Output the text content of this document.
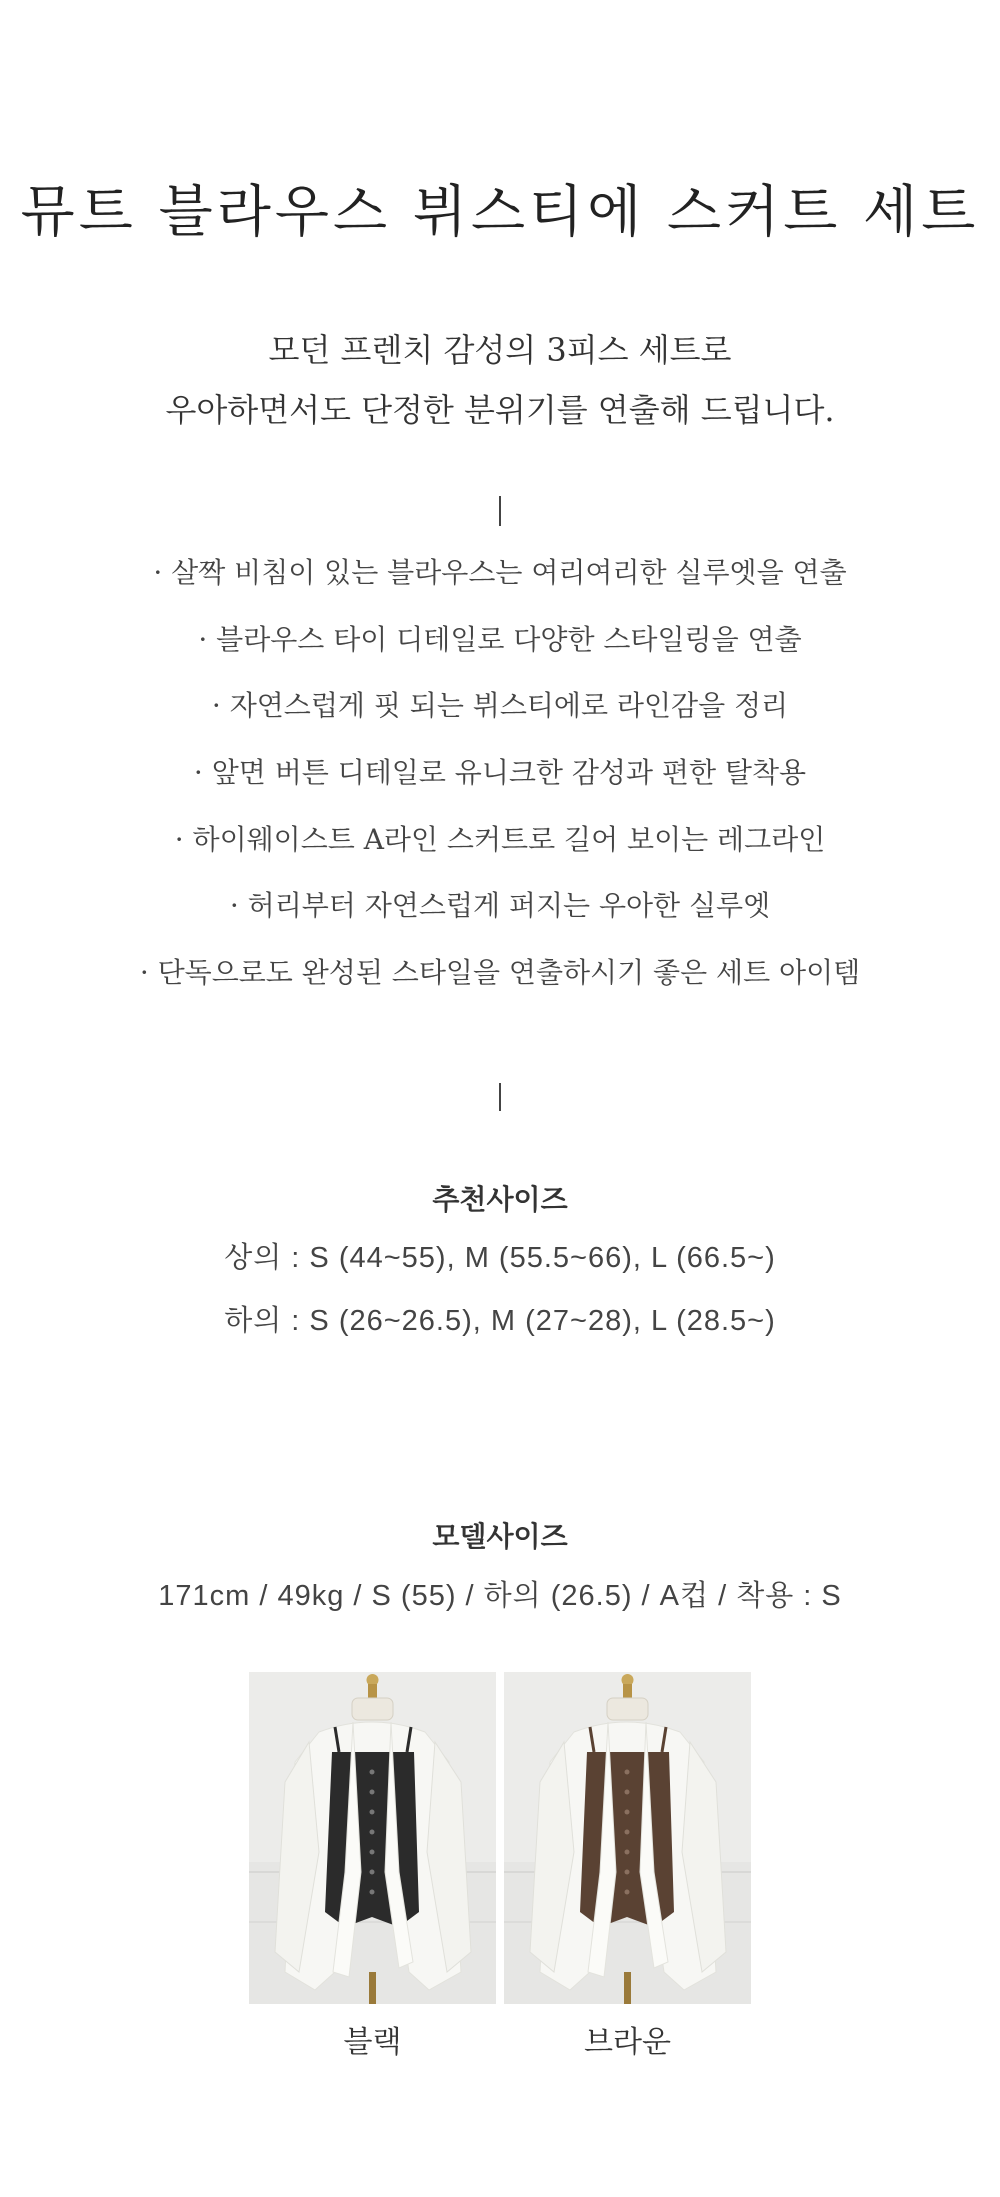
뮤트 블라우스 뷔스티에 스커트 세트
모던 프렌치 감성의 3피스 세트로
우아하면서도 단정한 분위기를 연출해 드립니다.
· 살짝 비침이 있는 블라우스는 여리여리한 실루엣을 연출
· 블라우스 타이 디테일로 다양한 스타일링을 연출
· 자연스럽게 핏 되는 뷔스티에로 라인감을 정리
· 앞면 버튼 디테일로 유니크한 감성과 편한 탈착용
· 하이웨이스트 A라인 스커트로 길어 보이는 레그라인
· 허리부터 자연스럽게 퍼지는 우아한 실루엣
· 단독으로도 완성된 스타일을 연출하시기 좋은 세트 아이템
추천사이즈
상의 : S (44~55), M (55.5~66), L (66.5~)
하의 : S (26~26.5), M (27~28), L (28.5~)
모델사이즈
171cm / 49kg / S (55) / 하의 (26.5) / A컵 / 착용 : S
블랙	브라운
